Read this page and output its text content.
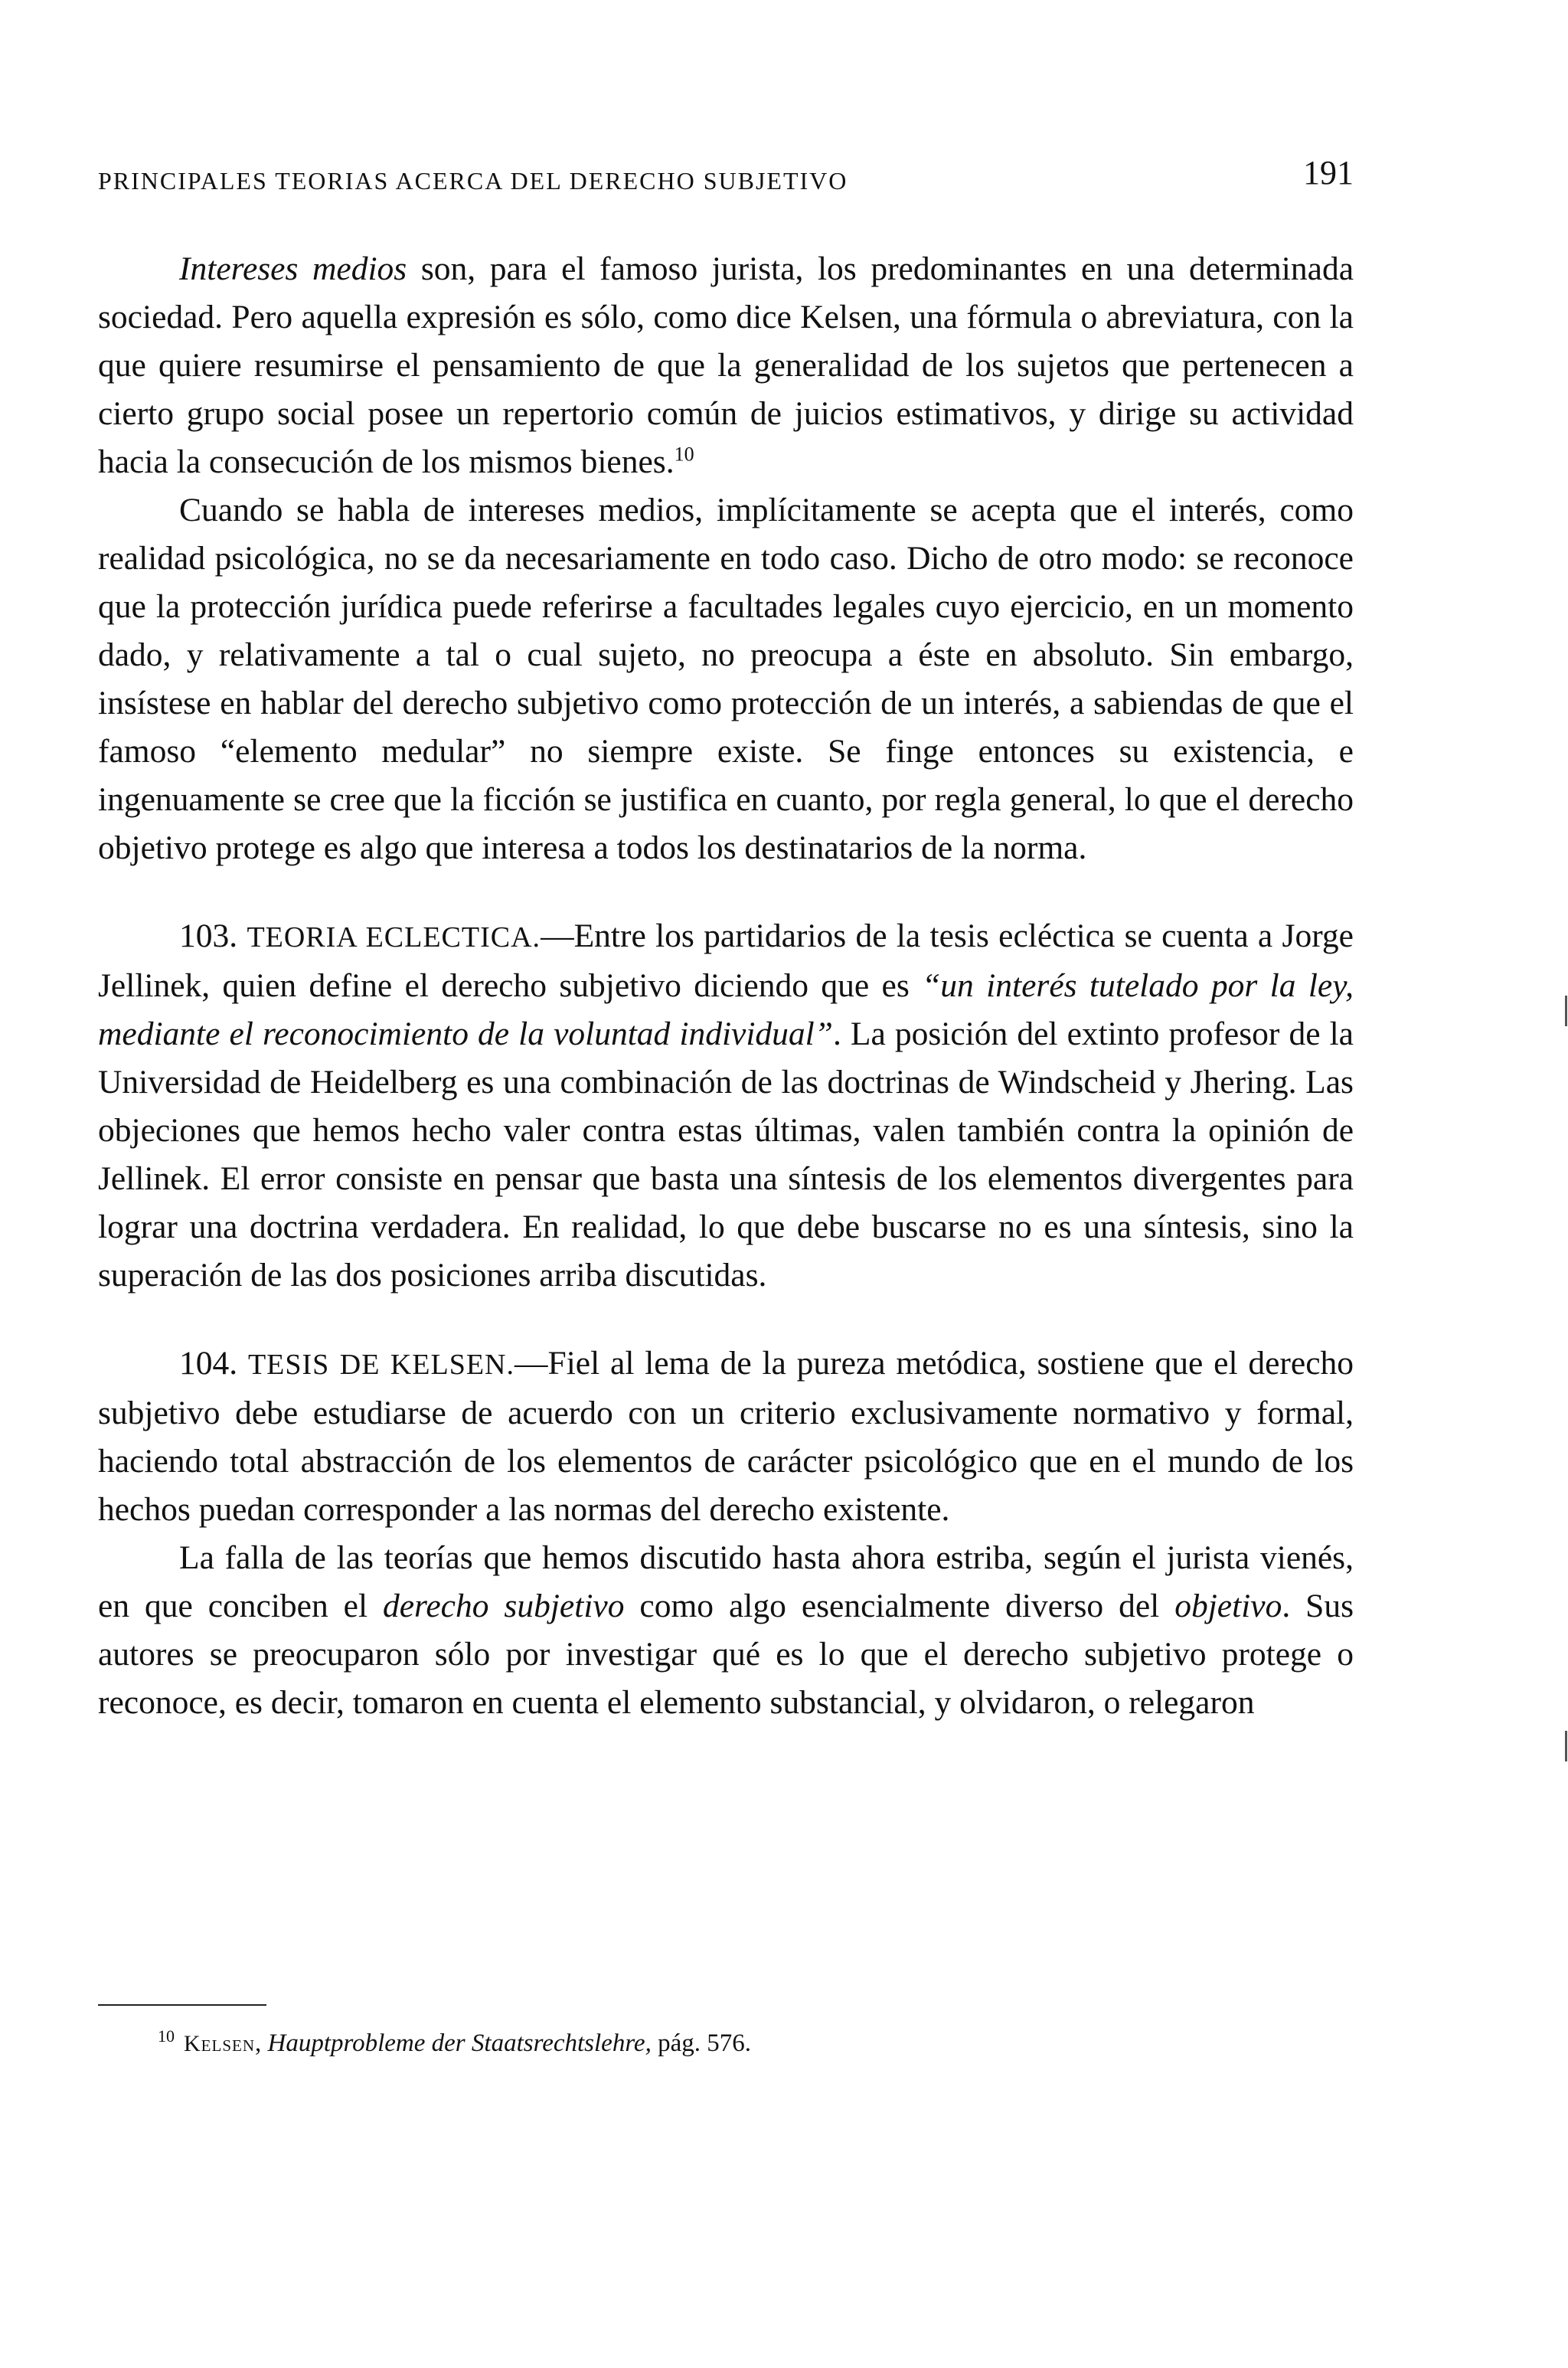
PRINCIPALES TEORIAS ACERCA DEL DERECHO SUBJETIVO	191

Intereses medios son, para el famoso jurista, los predominantes en una determinada sociedad. Pero aquella expresión es sólo, como dice Kelsen, una fórmula o abreviatura, con la que quiere resumirse el pensamiento de que la generalidad de los sujetos que pertenecen a cierto grupo social posee un repertorio común de juicios estimativos, y dirige su actividad hacia la consecución de los mismos bienes.$^{10}$

Cuando se habla de intereses medios, implícitamente se acepta que el interés, como realidad psicológica, no se da necesariamente en todo caso. Dicho de otro modo: se reconoce que la protección jurídica puede referirse a facultades legales cuyo ejercicio, en un momento dado, y relativamente a tal o cual sujeto, no preocupa a éste en absoluto. Sin embargo, insístese en hablar del derecho subjetivo como protección de un interés, a sabiendas de que el famoso “elemento medular” no siempre existe. Se finge entonces su existencia, e ingenuamente se cree que la ficción se justifica en cuanto, por regla general, lo que el derecho objetivo protege es algo que interesa a todos los destinatarios de la norma.

103. TEORIA ECLECTICA.—Entre los partidarios de la tesis ecléctica se cuenta a Jorge Jellinek, quien define el derecho subjetivo diciendo que es “un interés tutelado por la ley, mediante el reconocimiento de la voluntad individual”. La posición del extinto profesor de la Universidad de Heidelberg es una combinación de las doctrinas de Windscheid y Jhering. Las objeciones que hemos hecho valer contra estas últimas, valen también contra la opinión de Jellinek. El error consiste en pensar que basta una síntesis de los elementos divergentes para lograr una doctrina verdadera. En realidad, lo que debe buscarse no es una síntesis, sino la superación de las dos posiciones arriba discutidas.

104. TESIS DE KELSEN.—Fiel al lema de la pureza metódica, sostiene que el derecho subjetivo debe estudiarse de acuerdo con un criterio exclusivamente normativo y formal, haciendo total abstracción de los elementos de carácter psicológico que en el mundo de los hechos puedan corresponder a las normas del derecho existente.

La falla de las teorías que hemos discutido hasta ahora estriba, según el jurista vienés, en que conciben el derecho subjetivo como algo esencialmente diverso del objetivo. Sus autores se preocuparon sólo por investigar qué es lo que el derecho subjetivo protege o reconoce, es decir, tomaron en cuenta el elemento substancial, y olvidaron, o relegaron

$^{10}$ Kelsen, Hauptprobleme der Staatsrechtslehre, pág. 576.
